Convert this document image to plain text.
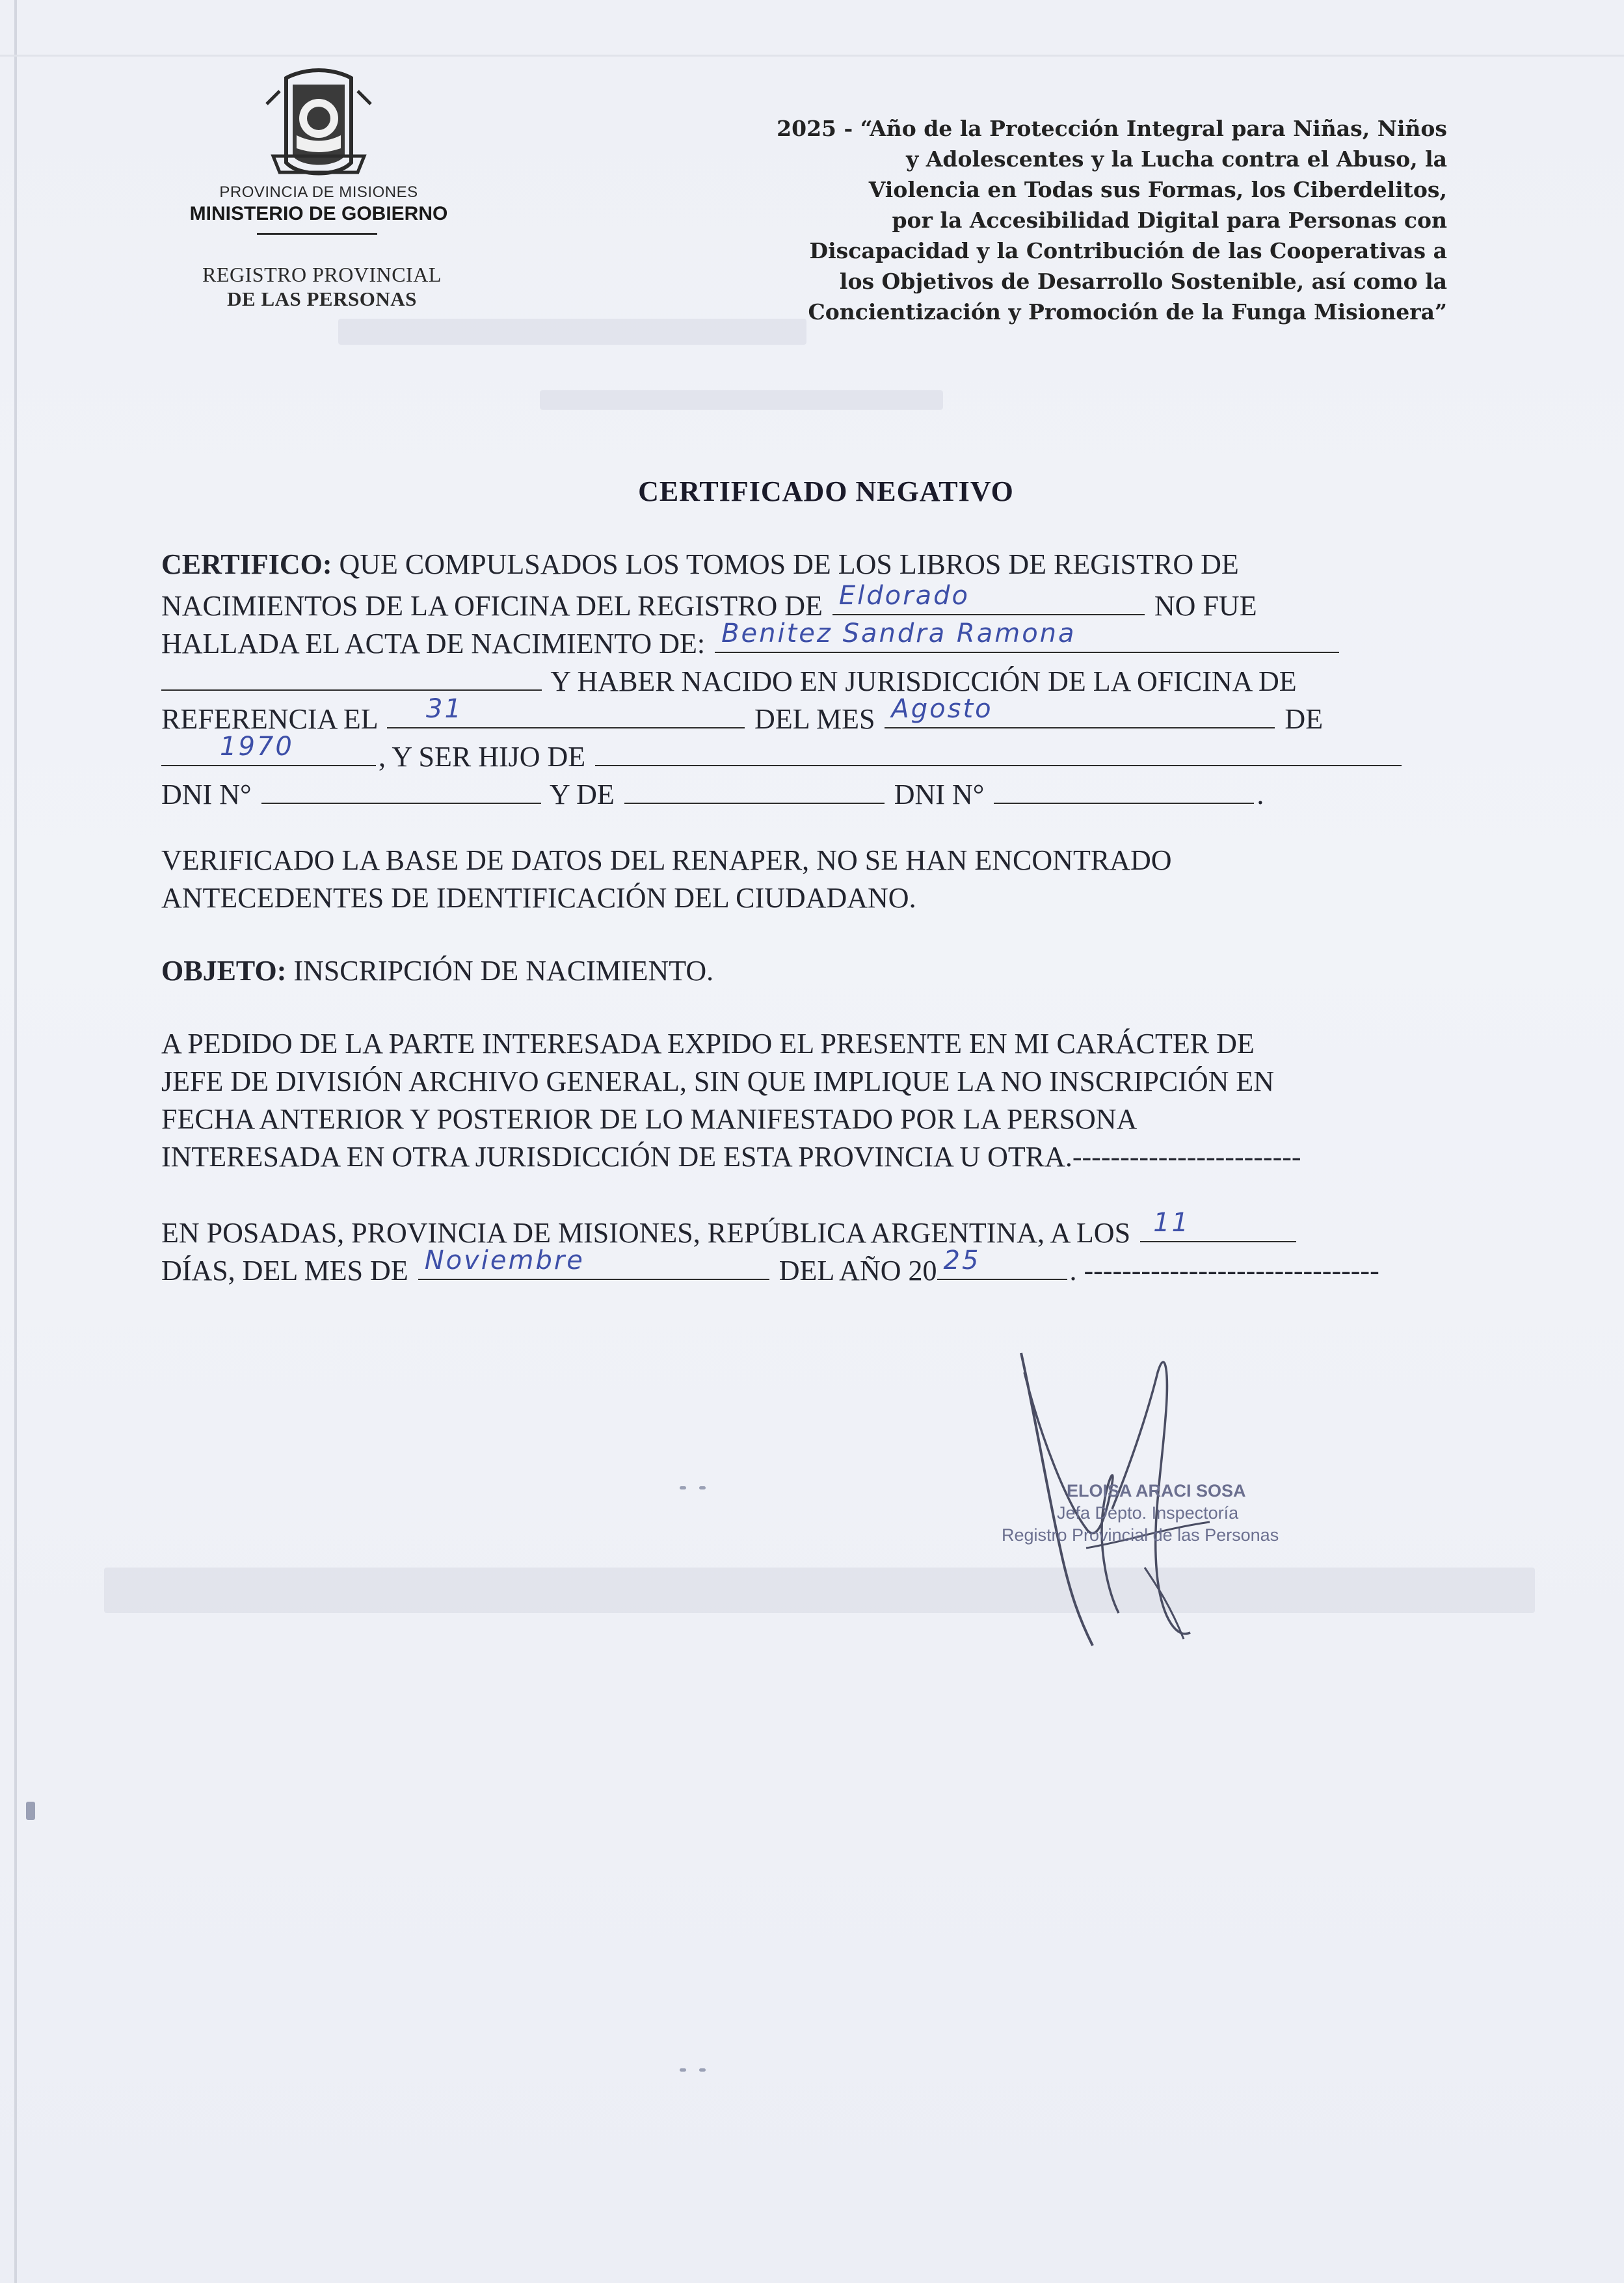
PROVINCIA DE MISIONES
MINISTERIO DE GOBIERNO
REGISTRO PROVINCIAL
DE LAS PERSONAS
2025 - “Año de la Protección Integral para Niñas, Niños
y Adolescentes y la Lucha contra el Abuso, la
Violencia en Todas sus Formas, los Ciberdelitos,
por la Accesibilidad Digital para Personas con
Discapacidad y la Contribución de las Cooperativas a
los Objetivos de Desarrollo Sostenible, así como la
Concientización y Promoción de la Funga Misionera”
CERTIFICADO NEGATIVO
CERTIFICO: QUE COMPULSADOS LOS TOMOS DE LOS LIBROS DE REGISTRO DE
NACIMIENTOS DE LA OFICINA DEL REGISTRO DE Eldorado	NO FUE
HALLADA EL ACTA DE NACIMIENTO DE: Benitez Sandra Ramona
Y HABER NACIDO EN JURISDICCIÓN DE LA OFICINA DE
REFERENCIA EL 31	DEL MES Agosto	DE
1970	, Y SER HIJO DE
DNI N°	Y DE	DNI N°	.
VERIFICADO LA BASE DE DATOS DEL RENAPER, NO SE HAN ENCONTRADO
ANTECEDENTES DE IDENTIFICACIÓN DEL CIUDADANO.
OBJETO: INSCRIPCIÓN DE NACIMIENTO.
A PEDIDO DE LA PARTE INTERESADA EXPIDO EL PRESENTE EN MI CARÁCTER DE
JEFE DE DIVISIÓN ARCHIVO GENERAL, SIN QUE IMPLIQUE LA NO INSCRIPCIÓN EN
FECHA ANTERIOR Y POSTERIOR DE LO MANIFESTADO POR LA PERSONA
INTERESADA EN OTRA JURISDICCIÓN DE ESTA PROVINCIA U OTRA.------------------------
EN POSADAS, PROVINCIA DE MISIONES, REPÚBLICA ARGENTINA, A LOS 11
DÍAS, DEL MES DE Noviembre	DEL AÑO 20 25	. -------------------------------
ELOISA ARACI SOSA
Jefa Depto. Inspectoría
Registro Provincial de las Personas
